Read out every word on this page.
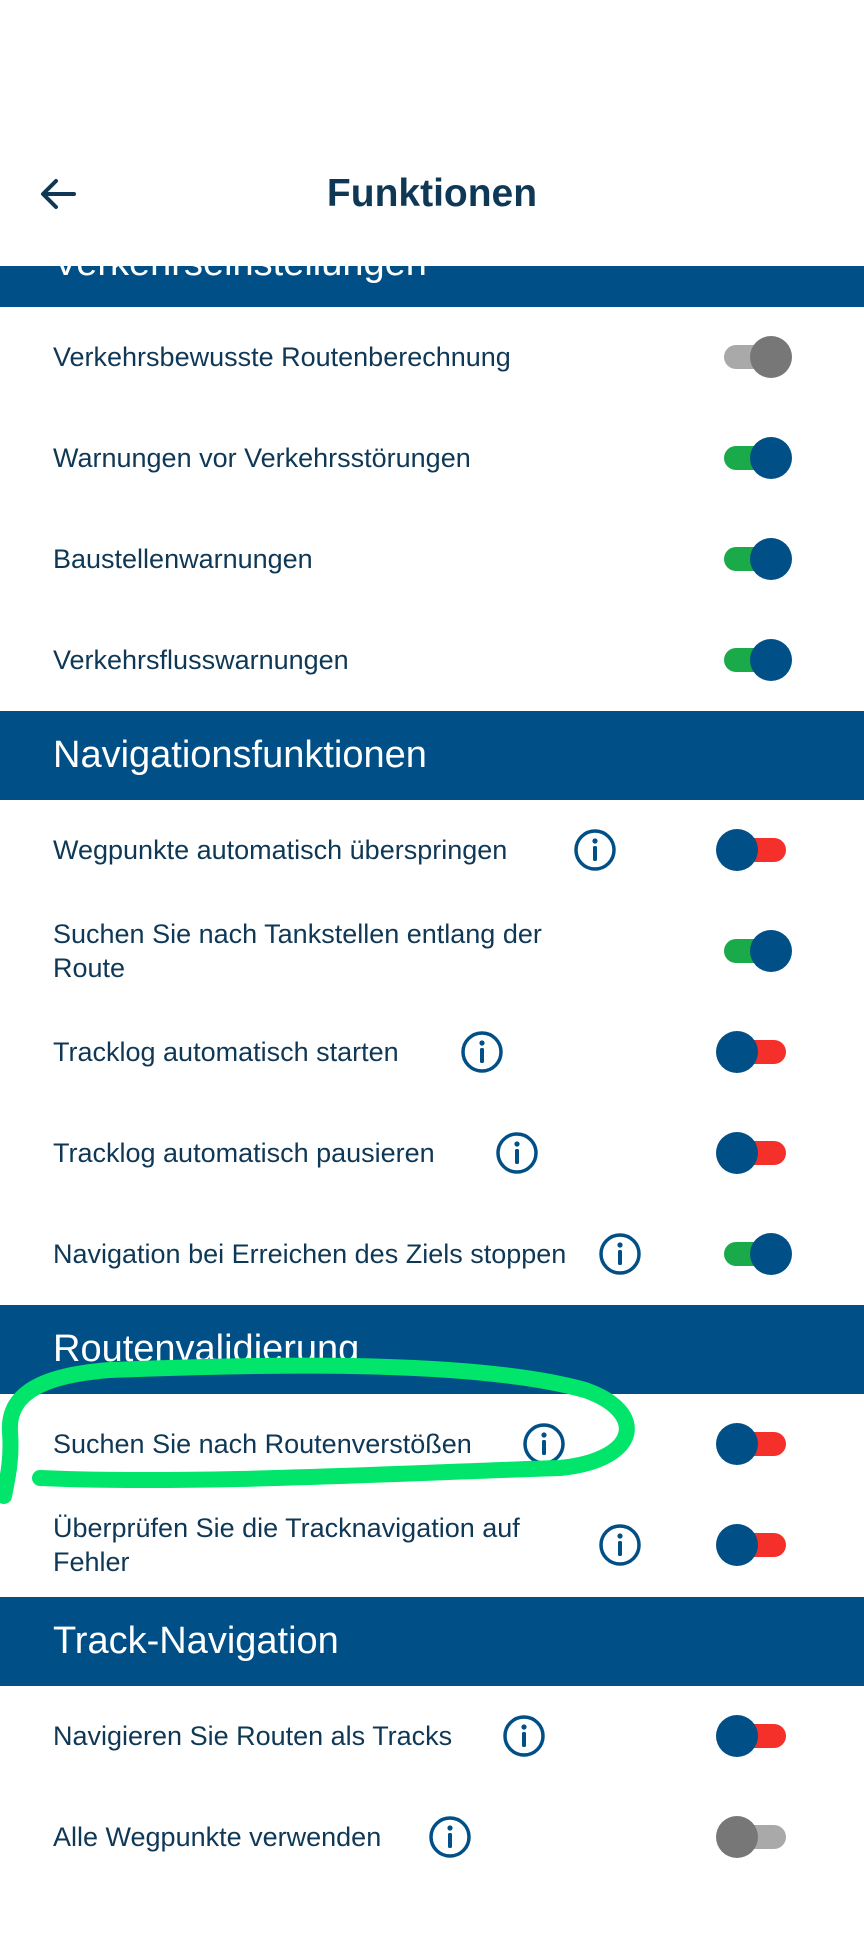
Verkehrsbewusste Routenberechnung
Warnungen vor Verkehrsstörungen
Baustellenwarnungen
Verkehrsflusswarnungen
Navigationsfunktionen
Wegpunkte automatisch überspringen
Suchen Sie nach Tankstellen entlang der Route
Tracklog automatisch starten
Tracklog automatisch pausieren
Navigation bei Erreichen des Ziels stoppen
Routenvalidierung
Suchen Sie nach Routenverstößen
Überprüfen Sie die Tracknavigation auf Fehler
Track-Navigation
Navigieren Sie Routen als Tracks
Alle Wegpunkte verwenden
Funktionen
